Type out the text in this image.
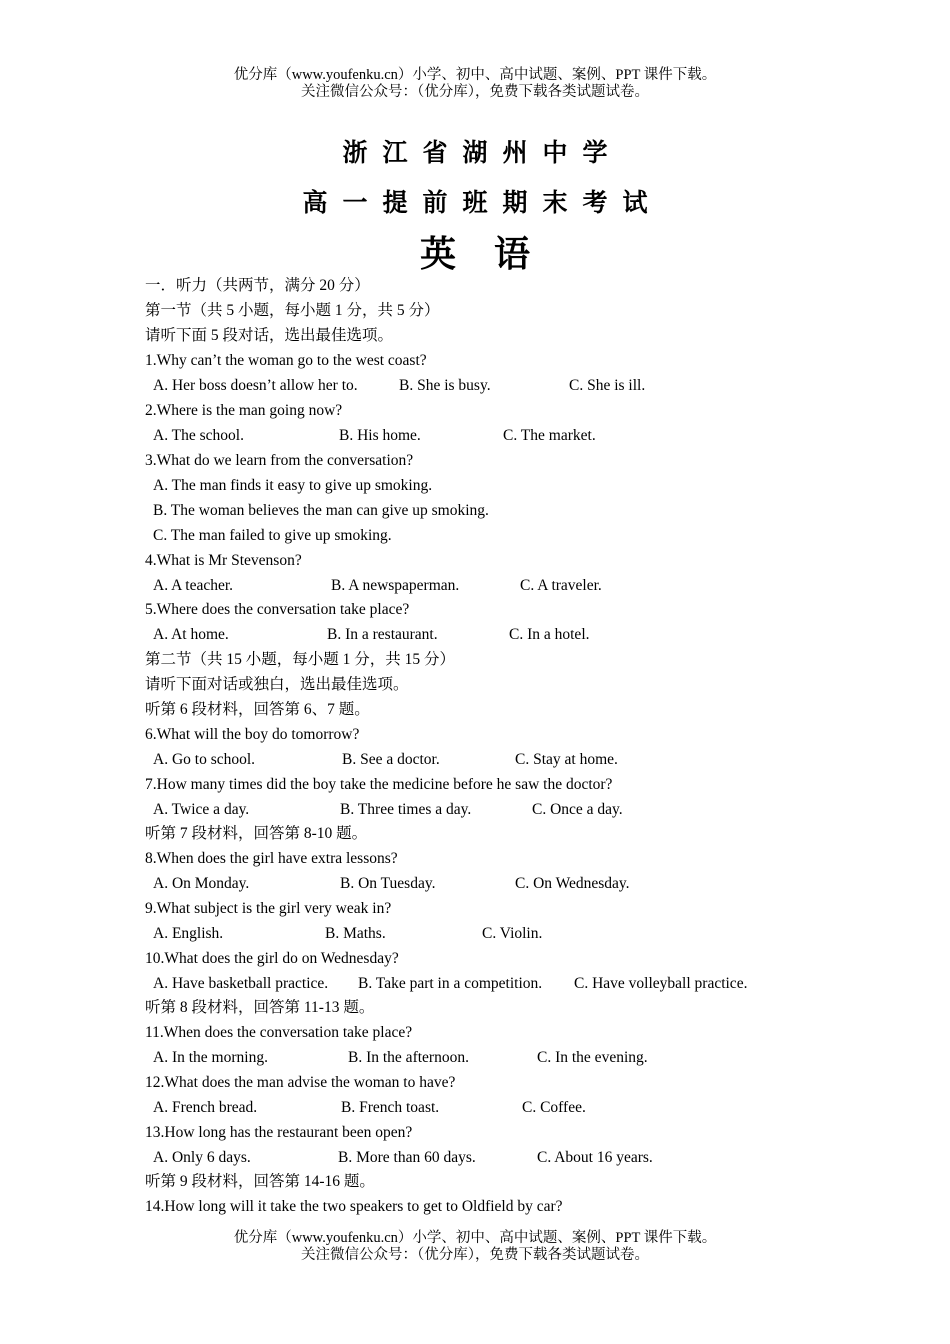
优分库（www.youfenku.cn）小学、初中、高中试题、案例、PPT 课件下载。
关注微信公众号：（优分库），免费下载各类试题试卷。
浙江省湖州中学
高一提前班期末考试
英语
一．听力（共两节，满分 20 分）
第一节（共 5 小题，每小题 1 分，共 5 分）
请听下面 5 段对话，选出最佳选项。
1.Why can’t the woman go to the west coast?
A. Her boss doesn’t allow her to.	B. She is busy.	C. She is ill.
2.Where is the man going now?
A. The school.	B. His home.	C. The market.
3.What do we learn from the conversation?
A. The man finds it easy to give up smoking.
B. The woman believes the man can give up smoking.
C. The man failed to give up smoking.
4.What is Mr Stevenson?
A. A teacher.	B. A newspaperman.	C. A traveler.
5.Where does the conversation take place?
A. At home.	B. In a restaurant.	C. In a hotel.
第二节（共 15 小题，每小题 1 分，共 15 分）
请听下面对话或独白，选出最佳选项。
听第 6 段材料，回答第 6、7 题。
6.What will the boy do tomorrow?
A. Go to school.	B. See a doctor.	C. Stay at home.
7.How many times did the boy take the medicine before he saw the doctor?
A. Twice a day.	B. Three times a day.	C. Once a day.
听第 7 段材料，回答第 8-10 题。
8.When does the girl have extra lessons?
A. On Monday.	B. On Tuesday.	C. On Wednesday.
9.What subject is the girl very weak in?
A. English.	B. Maths.	C. Violin.
10.What does the girl do on Wednesday?
A. Have basketball practice. B. Take part in a competition. C. Have volleyball practice.
听第 8 段材料，回答第 11-13 题。
11.When does the conversation take place?
A. In the morning.	B. In the afternoon.	C. In the evening.
12.What does the man advise the woman to have?
A. French bread.	B. French toast.	C. Coffee.
13.How long has the restaurant been open?
A. Only 6 days.	B. More than 60 days.	C. About 16 years.
听第 9 段材料，回答第 14-16 题。
14.How long will it take the two speakers to get to Oldfield by car?
优分库（www.youfenku.cn）小学、初中、高中试题、案例、PPT 课件下载。
关注微信公众号：（优分库），免费下载各类试题试卷。
